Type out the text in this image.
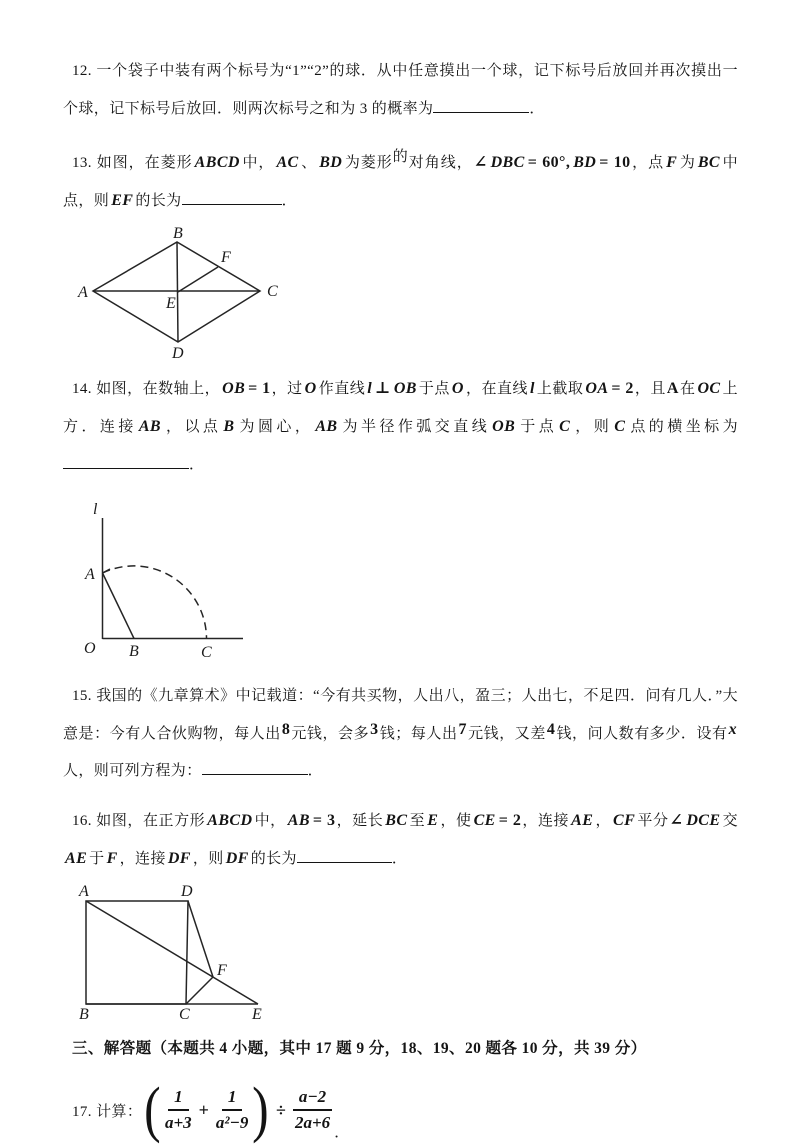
12. 一个袋子中装有两个标号为“1”“2”的球．从中任意摸出一个球，记下标号后放回并再次摸出一个球，记下标号后放回．则两次标号之和为 3 的概率为	．

13. 如图，在菱形 ABCD 中， AC 、 BD 为菱形的对角线，∠ DBC = 60°, BD = 10，点 F 为 BC 中点，则 EF 的长为	．

A
B
C
D
E
F

14. 如图，在数轴上， OB = 1，过 O 作直线 l ⊥ OB 于点 O ，在直线 l 上截取 OA = 2，且A在 OC 上方．连接 AB ，以点 B 为圆心， AB 为半径作弧交直线 OB 于点 C ，则 C 点的横坐标为．

l
A
O B	C

15. 我国的《九章算术》中记载道：“今有共买物，人出八，盈三；人出七，不足四．问有几人．”大意是：今有人合伙购物，每人出8元钱，会多3钱；每人出7元钱，又差4钱，问人数有多少．设有x人，则可列方程为：	．

16. 如图，在正方形 ABCD 中， AB = 3，延长 BC 至 E ，使 CE = 2，连接 AE ， CF 平分∠ DCE 交AE 于 F ，连接 DF ，则 DF 的长为	．

A	D
B	C	E
F
三、解答题（本题共 4 小题，其中 17 题 9 分，18、19、20 题各 10 分，共 39 分）
17. 计算： ( $\frac{1}{a+3} + \frac{1}{\text{a²−9}}$ ) ÷ $\frac{a-2}{2a+6}$ ．
